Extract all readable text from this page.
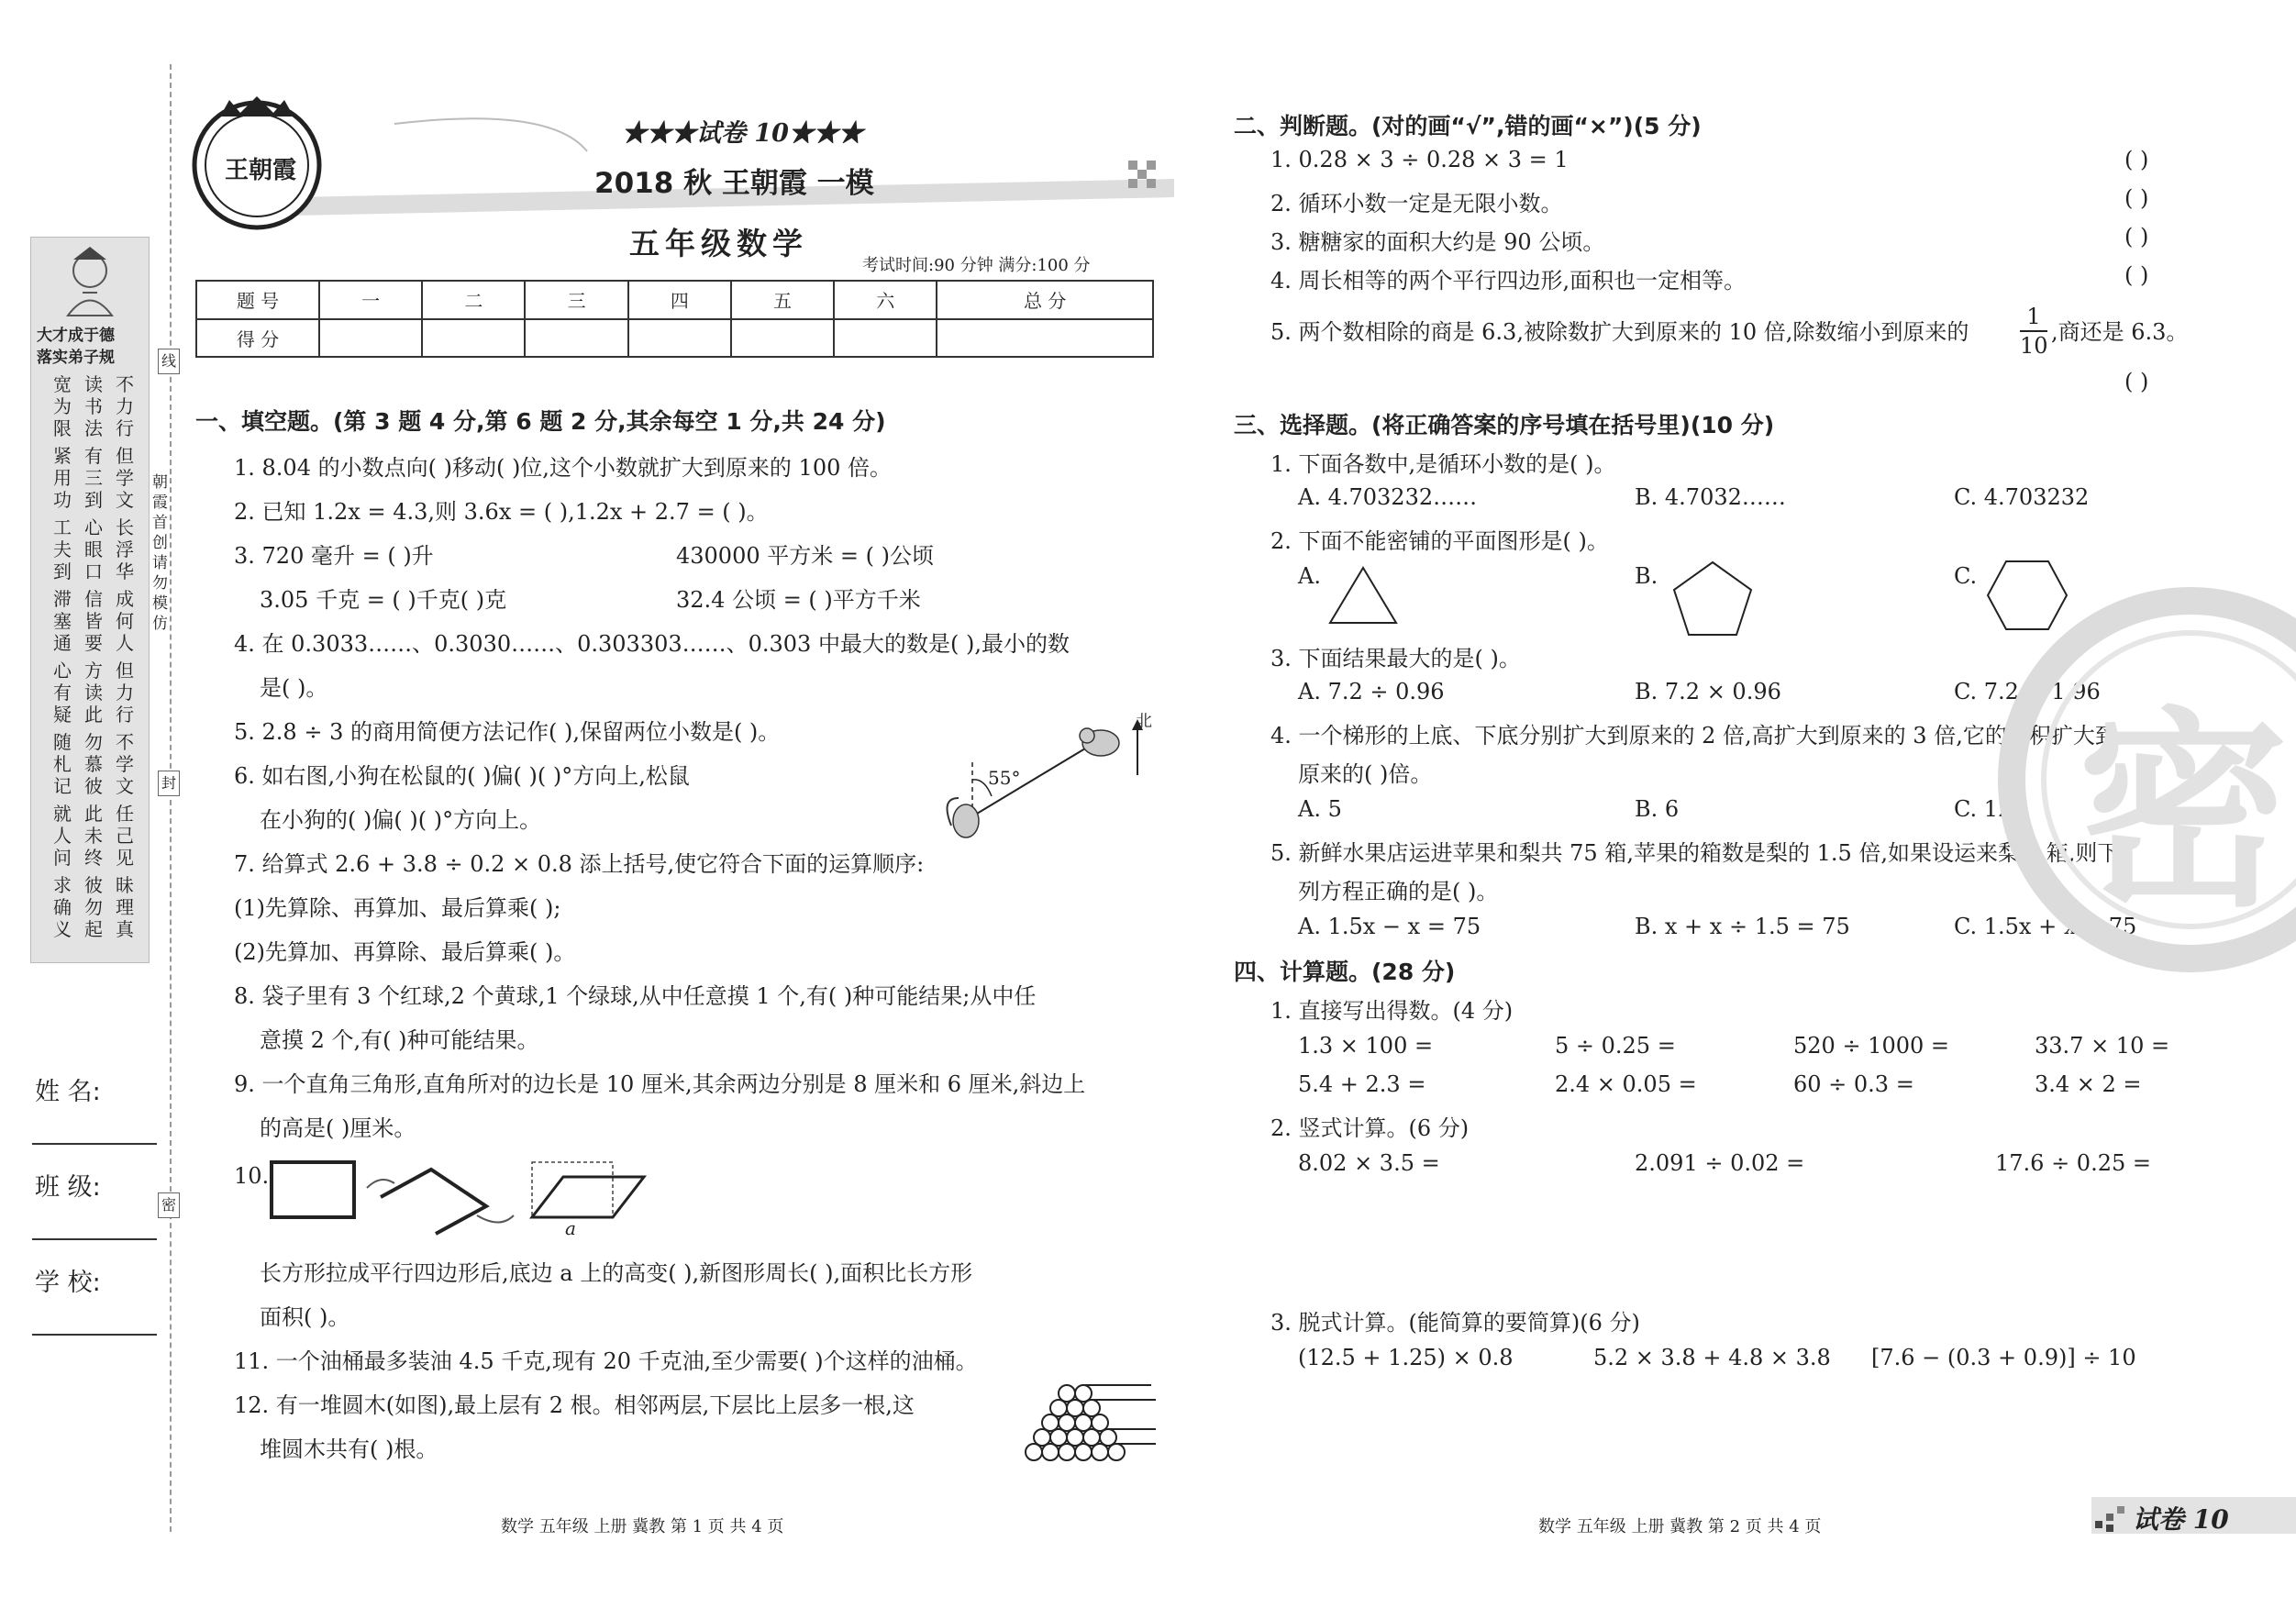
大才成于德
落实弟子规
宽为限
读书法
不力行
紧用功
有三到
但学文
工夫到
心眼口
长浮华
滞塞通
信皆要
成何人
心有疑
方读此
但力行
随札记
勿慕彼
不学文
就人问
此未终
任己见
求确义
彼勿起
昧理真
姓 名:
班 级:
学 校:
朝霞首创 请勿模仿
线
封
密
王朝霞
★★★试卷 10★★★
2018 秋 王朝霞 一模
五年级数学
考试时间:90 分钟 满分:100 分
题 号	一	二	三	四	五	六	总 分
得 分							
一、填空题。(第 3 题 4 分,第 6 题 2 分,其余每空 1 分,共 24 分)
1. 8.04 的小数点向( )移动( )位,这个小数就扩大到原来的 100 倍。
2. 已知 1.2x = 4.3,则 3.6x = ( ),1.2x + 2.7 = ( )。
3. 720 毫升 = ( )升	430000 平方米 = ( )公顷
3.05 千克 = ( )千克( )克	32.4 公顷 = ( )平方千米
4. 在 0.3033……、0.3030……、0.303303……、0.303 中最大的数是( ),最小的数
是( )。
5. 2.8 ÷ 3 的商用简便方法记作( ),保留两位小数是( )。
6. 如右图,小狗在松鼠的( )偏( )( )°方向上,松鼠
在小狗的( )偏( )( )°方向上。
55°
北
7. 给算式 2.6 + 3.8 ÷ 0.2 × 0.8 添上括号,使它符合下面的运算顺序:
(1)先算除、再算加、最后算乘( );
(2)先算加、再算除、最后算乘( )。
8. 袋子里有 3 个红球,2 个黄球,1 个绿球,从中任意摸 1 个,有( )种可能结果;从中任
意摸 2 个,有( )种可能结果。
9. 一个直角三角形,直角所对的边长是 10 厘米,其余两边分别是 8 厘米和 6 厘米,斜边上
的高是( )厘米。
10.
a
长方形拉成平行四边形后,底边 a 上的高变( ),新图形周长( ),面积比长方形
面积( )。
11. 一个油桶最多装油 4.5 千克,现有 20 千克油,至少需要( )个这样的油桶。
12. 有一堆圆木(如图),最上层有 2 根。相邻两层,下层比上层多一根,这
堆圆木共有( )根。
二、判断题。(对的画“√”,错的画“×”)(5 分)
1. 0.28 × 3 ÷ 0.28 × 3 = 1
2. 循环小数一定是无限小数。
3. 糖糖家的面积大约是 90 公顷。
4. 周长相等的两个平行四边形,面积也一定相等。
5. 两个数相除的商是 6.3,被除数扩大到原来的 10 倍,除数缩小到原来的 $\frac{1}{10}$ ,商还是 6.3。
( )
( )
( )
( )
( )
三、选择题。(将正确答案的序号填在括号里)(10 分)
1. 下面各数中,是循环小数的是( )。
A. 4.703232……	B. 4.7032……	C. 4.703232
2. 下面不能密铺的平面图形是( )。
A.	B.	C.
3. 下面结果最大的是( )。
A. 7.2 ÷ 0.96	B. 7.2 × 0.96	C. 7.2 ÷ 1.96
4. 一个梯形的上底、下底分别扩大到原来的 2 倍,高扩大到原来的 3 倍,它的面积扩大到
原来的( )倍。
A. 5	B. 6	C. 12
5. 新鲜水果店运进苹果和梨共 75 箱,苹果的箱数是梨的 1.5 倍,如果设运来梨 x 箱,则下
列方程正确的是( )。
A. 1.5x − x = 75	B. x + x ÷ 1.5 = 75	C. 1.5x + x = 75
四、计算题。(28 分)
1. 直接写出得数。(4 分)
1.3 × 100 =	5 ÷ 0.25 =	520 ÷ 1000 =	33.7 × 10 =
5.4 + 2.3 =	2.4 × 0.05 =	60 ÷ 0.3 =	3.4 × 2 =
2. 竖式计算。(6 分)
8.02 × 3.5 =	2.091 ÷ 0.02 =	17.6 ÷ 0.25 =
3. 脱式计算。(能简算的要简算)(6 分)
(12.5 + 1.25) × 0.8	5.2 × 3.8 + 4.8 × 3.8 [7.6 − (0.3 + 0.9)] ÷ 10
密
数学 五年级 上册 冀教 第 1 页 共 4 页	数学 五年级 上册 冀教 第 2 页 共 4 页	试卷 10
